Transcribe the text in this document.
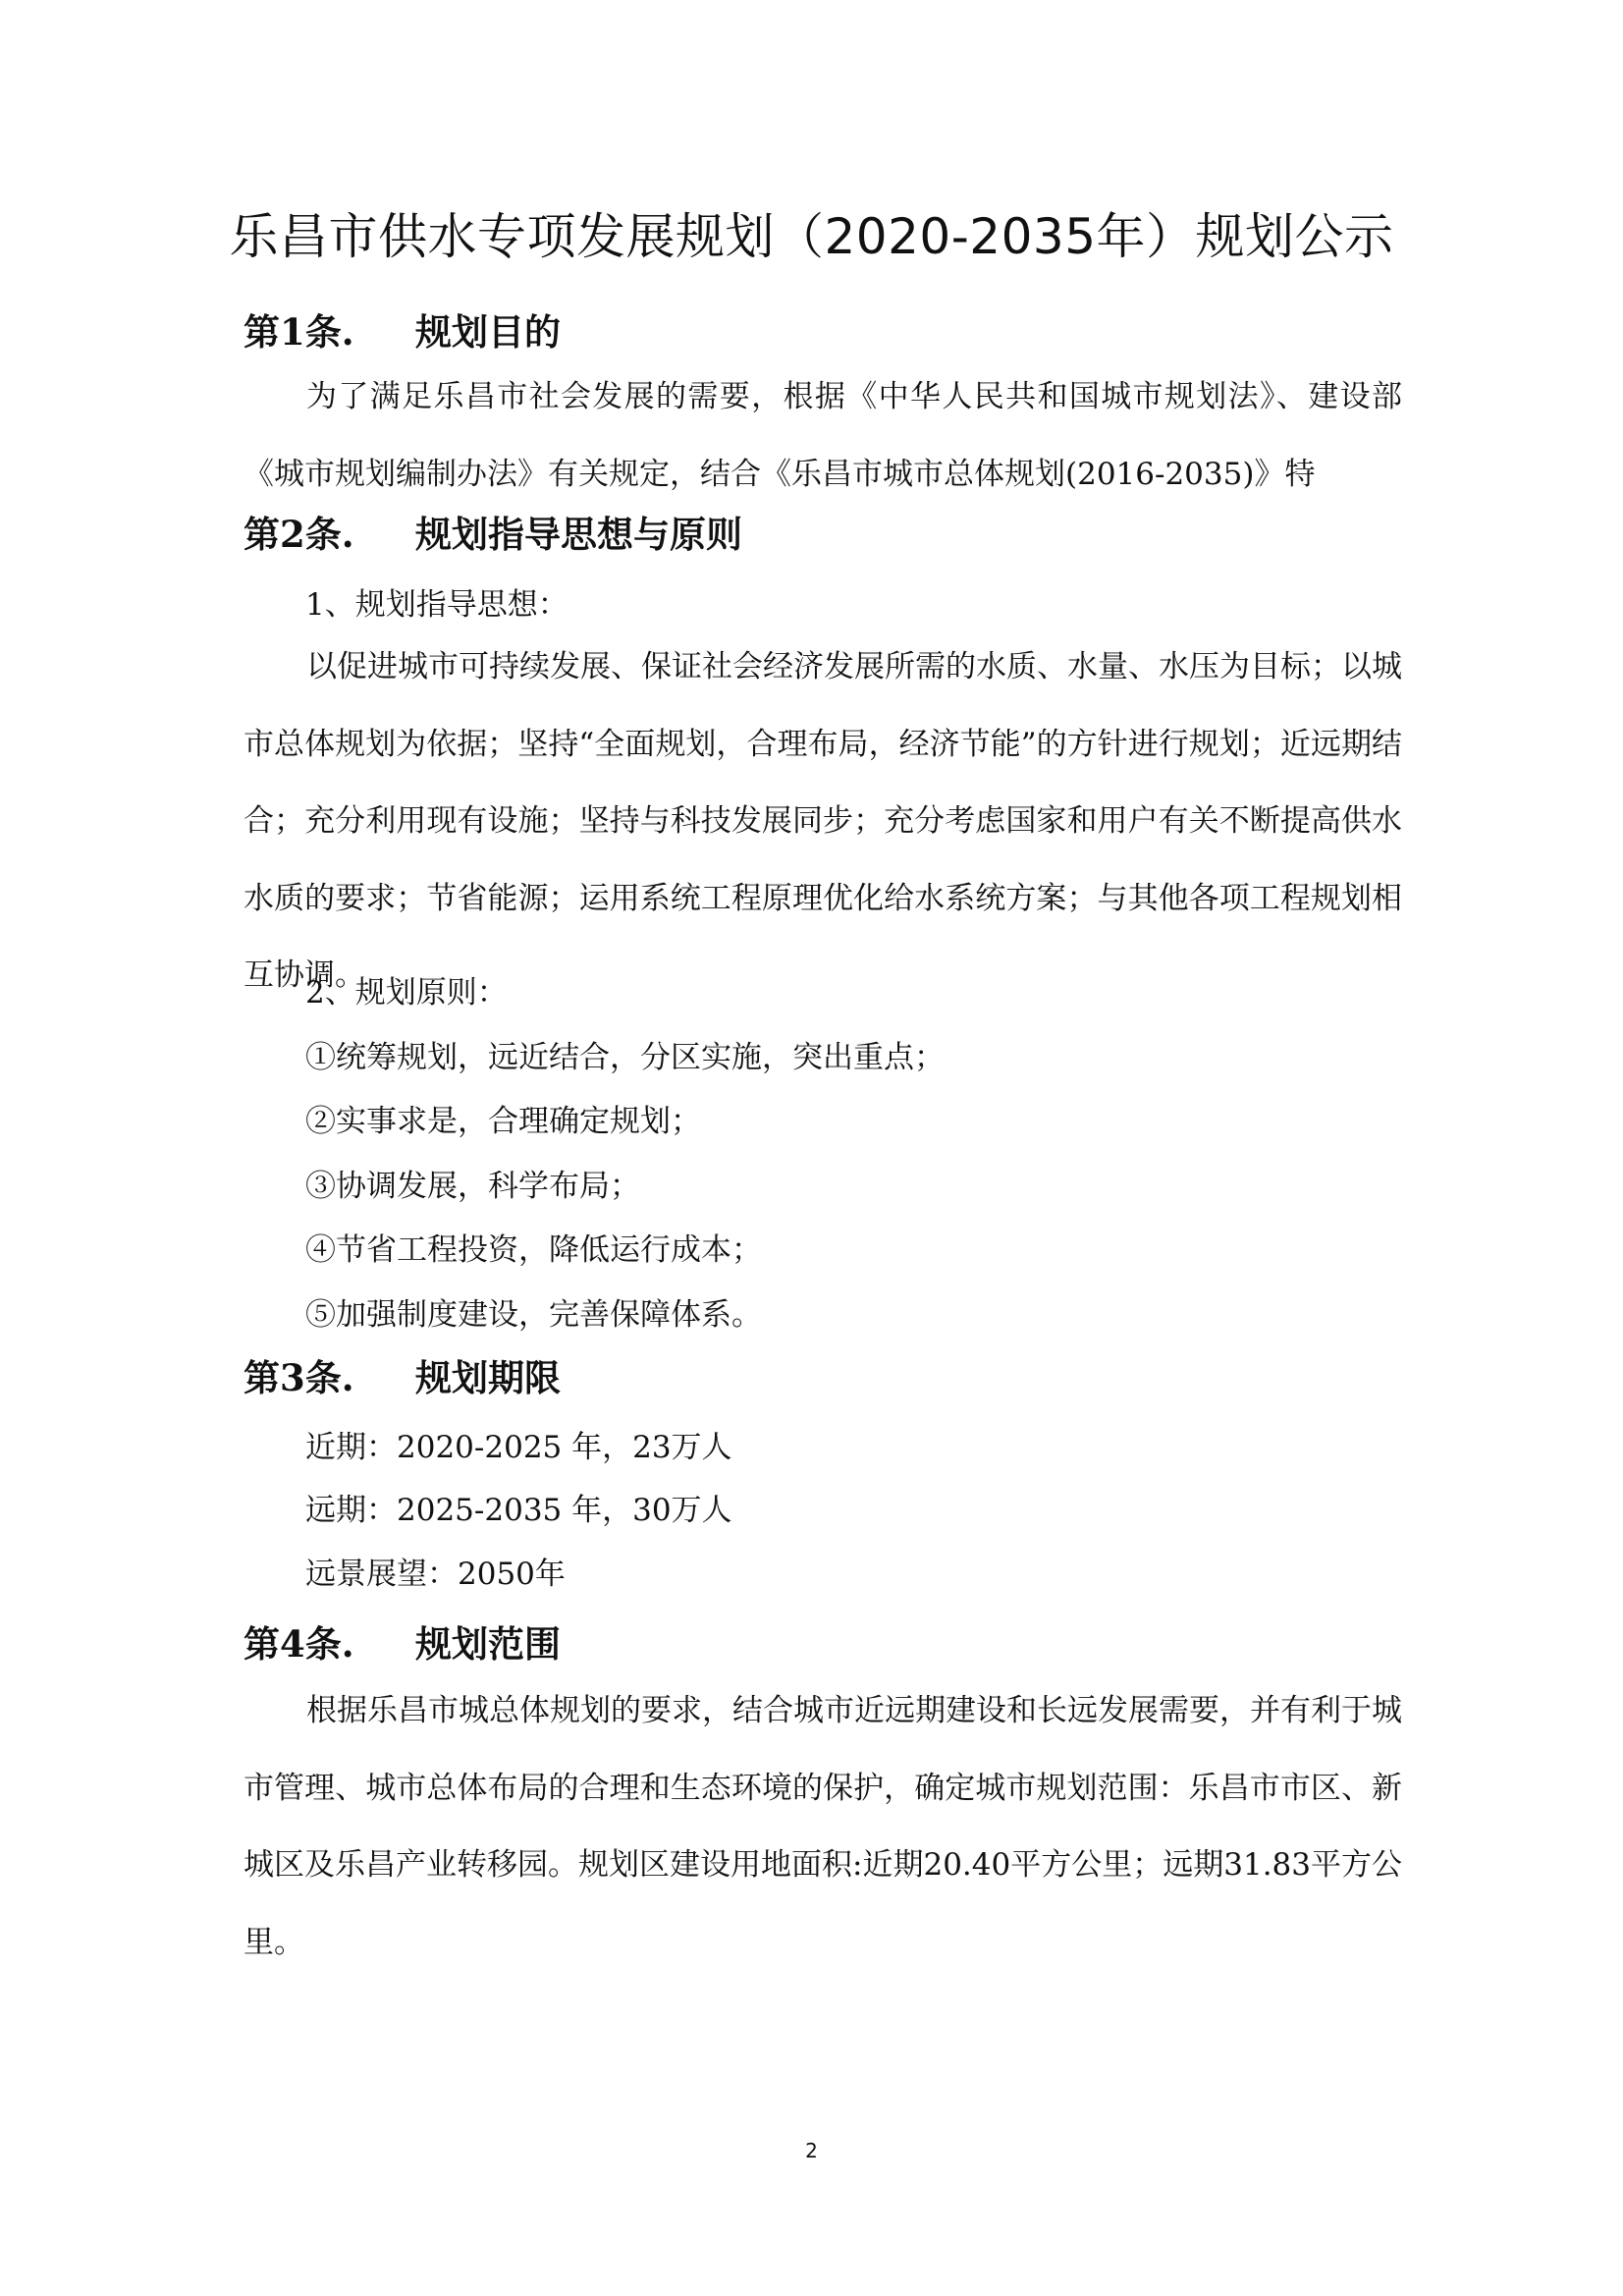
乐昌市供水专项发展规划（2020-2035年）规划公示
第1条. 规划目的

为了满足乐昌市社会发展的需要，根据《中华人民共和国城市规划法》、建设部《城市规划编制办法》有关规定，结合《乐昌市城市总体规划(2016-2035)》特

第2条. 规划指导思想与原则
1、规划指导思想：

以促进城市可持续发展、保证社会经济发展所需的水质、水量、水压为目标；以城市总体规划为依据；坚持“全面规划，合理布局，经济节能”的方针进行规划；近远期结合；充分利用现有设施；坚持与科技发展同步；充分考虑国家和用户有关不断提高供水水质的要求；节省能源；运用系统工程原理优化给水系统方案；与其他各项工程规划相互协调。

2、规划原则：
①统筹规划，远近结合，分区实施，突出重点；
②实事求是，合理确定规划；
③协调发展，科学布局；
④节省工程投资，降低运行成本；
⑤加强制度建设，完善保障体系。
第3条. 规划期限
近期：2020-2025 年，23万人
远期：2025-2035 年，30万人
远景展望：2050年
第4条. 规划范围

根据乐昌市城总体规划的要求，结合城市近远期建设和长远发展需要，并有利于城市管理、城市总体布局的合理和生态环境的保护，确定城市规划范围：乐昌市市区、新城区及乐昌产业转移园。规划区建设用地面积:近期20.40平方公里；远期31.83平方公里。

2
